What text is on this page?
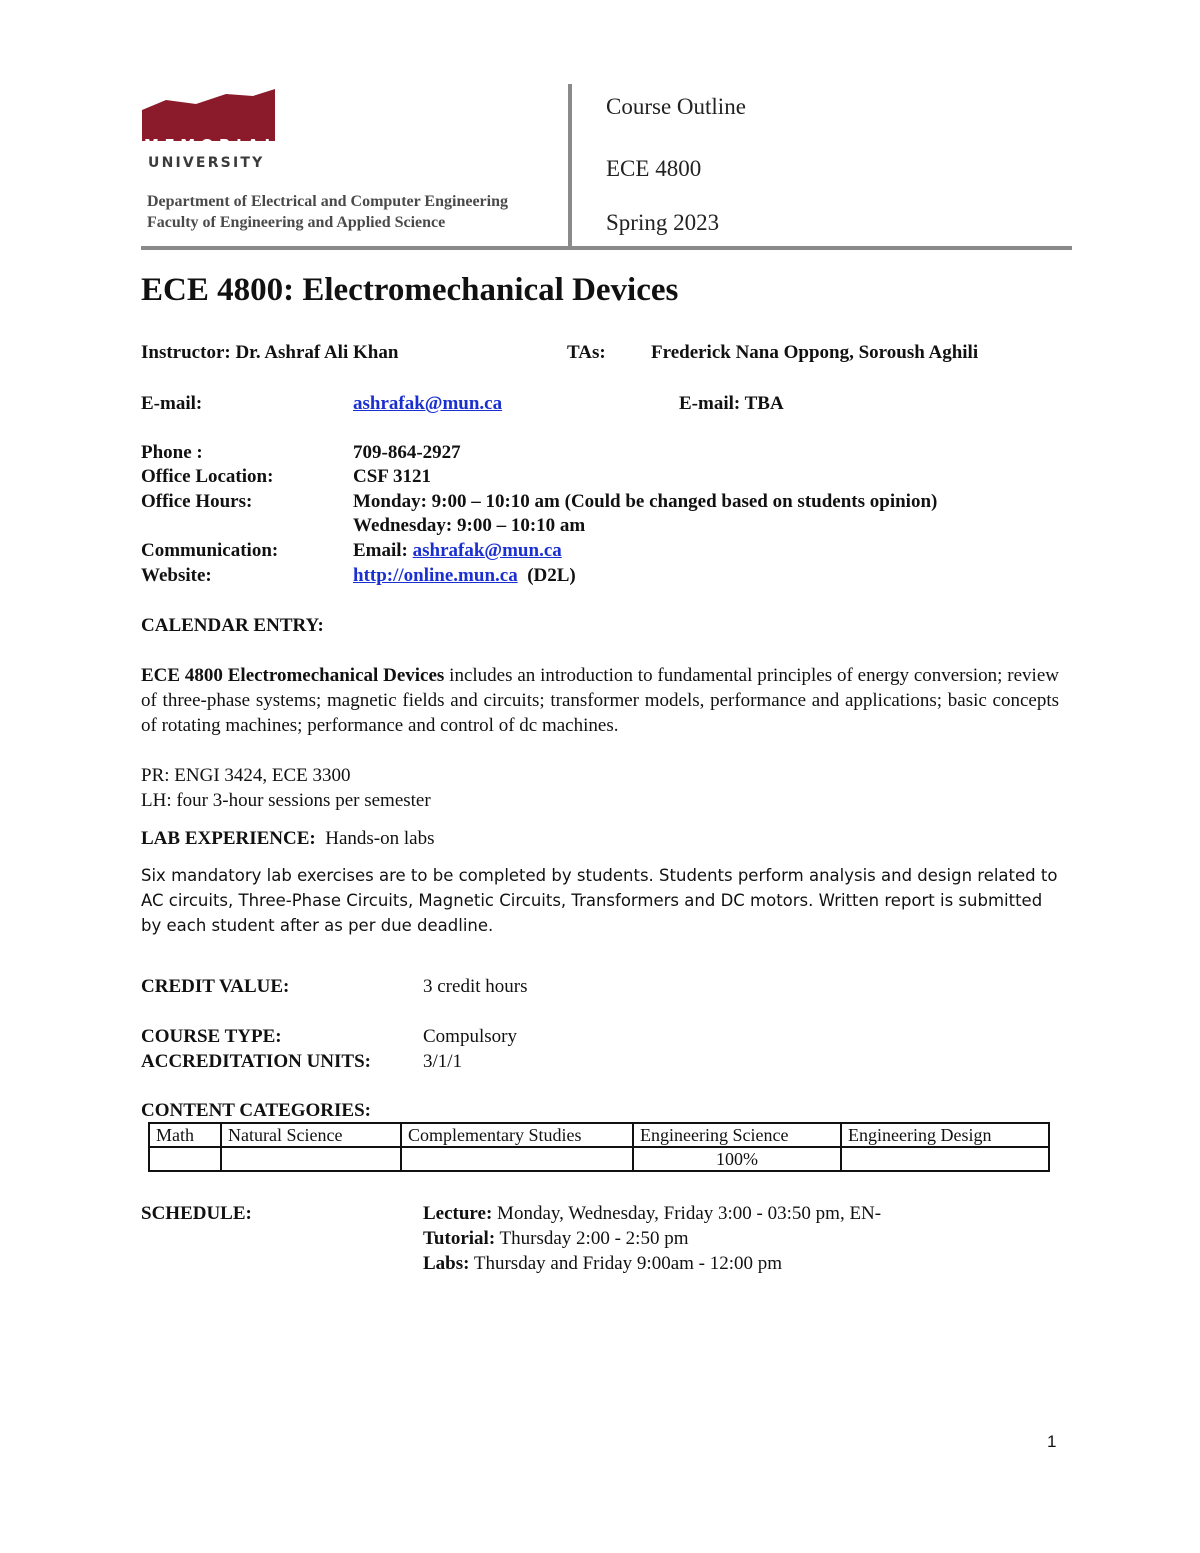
MEMORIAL
UNIVERSITY
Department of Electrical and Computer Engineering
Faculty of Engineering and Applied Science
Course Outline
ECE 4800
Spring 2023
ECE 4800: Electromechanical Devices
Instructor: Dr. Ashraf Ali Khan	TAs: Frederick Nana Oppong, Soroush Aghili
E-mail:	ashrafak@mun.ca	E-mail: TBA
Phone :	709-864-2927
Office Location:	CSF 3121
Office Hours:	Monday: 9:00 – 10:10 am (Could be changed based on students opinion)
Wednesday: 9:00 – 10:10 am
Communication:	Email: ashrafak@mun.ca
Website:	http://online.mun.ca (D2L)
CALENDAR ENTRY:

ECE 4800 Electromechanical Devices includes an introduction to fundamental principles of energy conversion; review of three-phase systems; magnetic fields and circuits; transformer models, performance and applications; basic concepts of rotating machines; performance and control of dc machines.

PR: ENGI 3424, ECE 3300
LH: four 3-hour sessions per semester
LAB EXPERIENCE: Hands-on labs

Six mandatory lab exercises are to be completed by students. Students perform analysis and design related to AC circuits, Three-Phase Circuits, Magnetic Circuits, Transformers and DC motors. Written report is submitted by each student after as per due deadline.

CREDIT VALUE:	3 credit hours
COURSE TYPE:	Compulsory
ACCREDITATION UNITS:	3/1/1
CONTENT CATEGORIES:
Math	Natural Science	Complementary Studies	Engineering Science	Engineering Design
			100%	
SCHEDULE:	Lecture: Monday, Wednesday, Friday 3:00 - 03:50 pm, EN-
Tutorial: Thursday 2:00 - 2:50 pm
Labs: Thursday and Friday 9:00am - 12:00 pm
1
